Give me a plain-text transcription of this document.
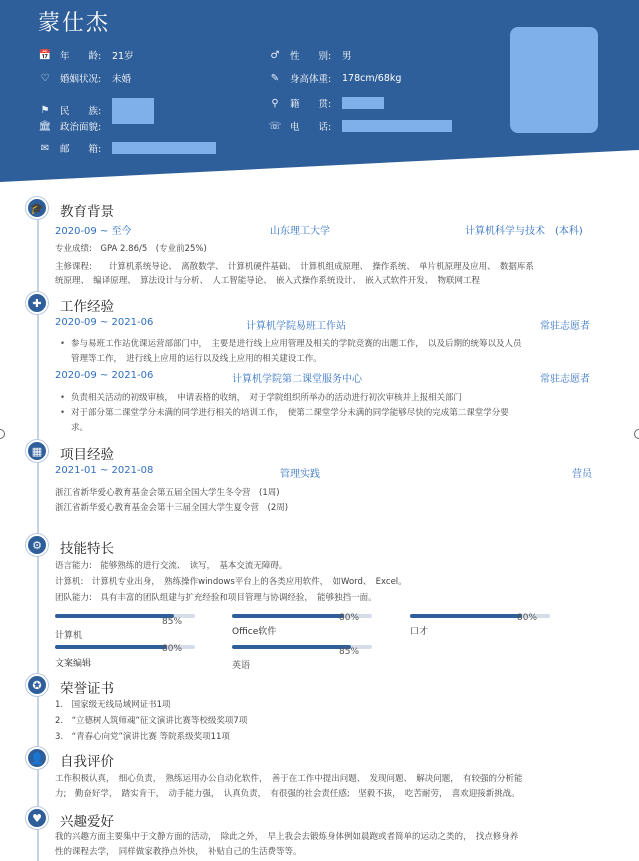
蒙仕杰
📅 年　　龄:	21岁
♡ 婚姻状况:	未婚
⚑ 民　　族:
🏛 政治面貌:
✉ 邮　　箱:
♂ 性　　别:	男
✎ 身高体重:	178cm/68kg
⚲	籍　　贯:
☏ 电　　话:
🎓	教育背景
2020-09 ~ 至今	山东理工大学	计算机科学与技术　(本科)
专业成绩:　GPA 2.86/5　(专业前25%)
主修课程:　　计算机系统导论、　离散数学、　计算机硬件基础、　计算机组成原理、　操作系统、　单片机原理及应用、　数据库系
统原理、　编译原理、　算法设计与分析、　人工智能导论、　嵌入式操作系统设计、　嵌入式软件开发、　物联网工程
✚	工作经验
2020-09 ~ 2021-06	计算机学院易班工作站	常驻志愿者
• 参与易班工作站优课运营部部门中，　主要是进行线上应用管理及相关的学院竞赛的出题工作，　以及后期的统筹以及人员
管理等工作，　进行线上应用的运行以及线上应用的相关建设工作。
2020-09 ~ 2021-06	计算机学院第二课堂服务中心	常驻志愿者
• 负责相关活动的初级审核，　申请表格的收纳，　对于学院组织所举办的活动进行初次审核并上报相关部门
• 对于部分第二课堂学分未满的同学进行相关的培训工作，　使第二课堂学分未满的同学能够尽快的完成第二课堂学分要
求。
▦	项目经验
2021-01 ~ 2021-08	管理实践	营员
浙江省新华爱心教育基金会第五届全国大学生冬令营　(1周)
浙江省新华爱心教育基金会第十三届全国大学生夏令营　(2周)
⚙	技能特长
语言能力:　能够熟练的进行交流、　读写，　基本交流无障碍。
计算机:　计算机专业出身，　熟练操作windows平台上的各类应用软件，　如Word、　Excel。
团队能力:　具有丰富的团队组建与扩充经验和项目管理与协调经验，　能够独挡一面。
计算机
85%
Office软件
80%
口才
80%
文案编辑
80%
英语
85%
✪	荣誉证书
1.　国家级无线局域网证书1项
2.　“立德树人筑师魂”征文演讲比赛等校级奖项7项
3.　“青春心向党”演讲比赛 等院系级奖项11项
👤	自我评价
工作积极认真，　细心负责，　熟练运用办公自动化软件，　善于在工作中提出问题、　发现问题、　解决问题，　有较强的分析能
力;　勤奋好学，　踏实肯干，　动手能力强，　认真负责，　有很强的社会责任感;　坚毅不拔，　吃苦耐劳，　喜欢迎接新挑战。
♥	兴趣爱好
我的兴趣方面主要集中于文静方面的活动，　除此之外，　早上我会去锻炼身体例如晨跑或者简单的运动之类的，　找点修身养
性的课程去学，　同样做家教挣点外快，　补贴自己的生活费等等。
